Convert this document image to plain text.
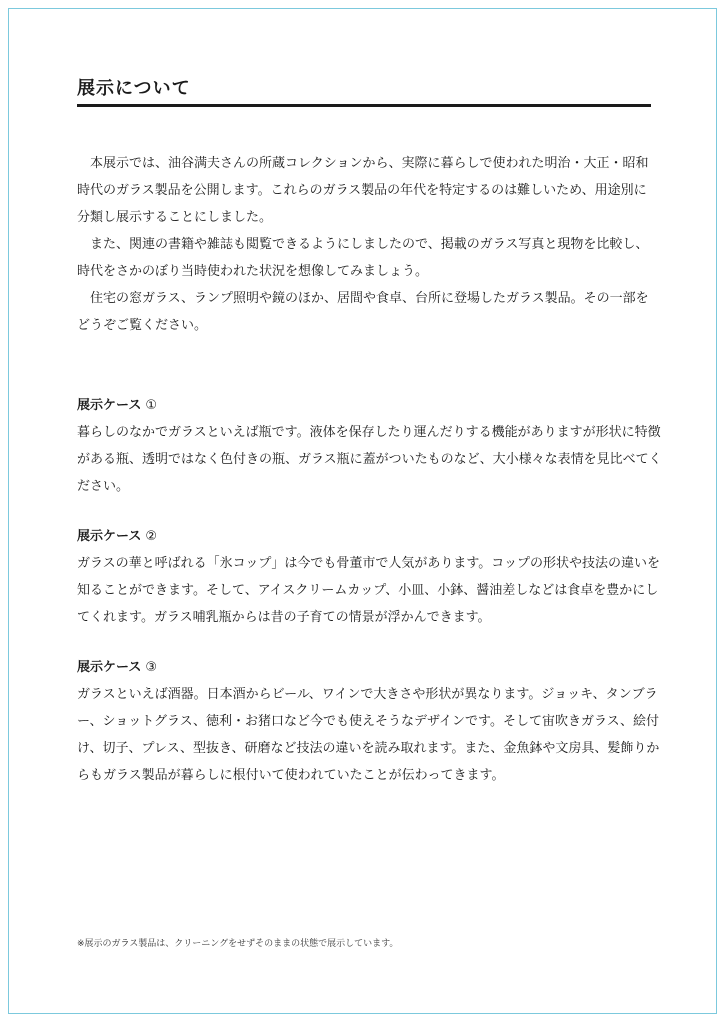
展示について

本展示では、油谷满夫さんの所蔵コレクションから、実際に暮らしで使われた明治・大正・昭和時代のガラス製品を公開します。これらのガラス製品の年代を特定するのは難しいため、用途別に分類し展示することにしました。

また、関連の書籍や雑誌も閲覧できるようにしましたので、掲載のガラス写真と現物を比較し、時代をさかのぼり当時使われた状況を想像してみましょう。

住宅の窓ガラス、ランプ照明や鏡のほか、居間や食卓、台所に登場したガラス製品。その一部をどうぞご覧ください。

展示ケース ①

暮らしのなかでガラスといえば瓶です。液体を保存したり運んだりする機能がありますが形状に特徴がある瓶、透明ではなく色付きの瓶、ガラス瓶に蓋がついたものなど、大小様々な表情を見比べてください。

展示ケース ②

ガラスの華と呼ばれる「氷コップ」は今でも骨董市で人気があります。コップの形状や技法の違いを知ることができます。そして、アイスクリームカップ、小皿、小鉢、醤油差しなどは食卓を豊かにしてくれます。ガラス哺乳瓶からは昔の子育ての情景が浮かんできます。

展示ケース ③

ガラスといえば酒器。日本酒からビール、ワインで大きさや形状が異なります。ジョッキ、タンブラー、ショットグラス、徳利・お猪口など今でも使えそうなデザインです。そして宙吹きガラス、絵付け、切子、プレス、型抜き、研磨など技法の違いを読み取れます。また、金魚鉢や文房具、髪飾りからもガラス製品が暮らしに根付いて使われていたことが伝わってきます。

※展示のガラス製品は、クリーニングをせずそのままの状態で展示しています。
